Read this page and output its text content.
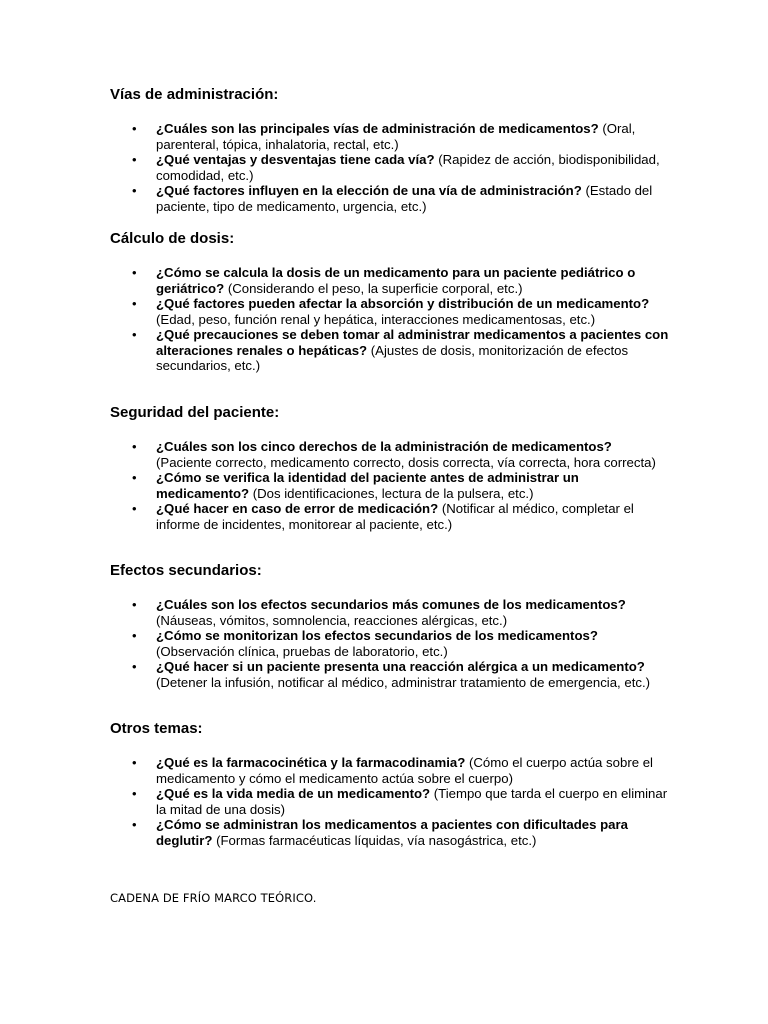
Vías de administración:
• ¿Cuáles son las principales vías de administración de medicamentos? (Oral, parenteral, tópica, inhalatoria, rectal, etc.)
• ¿Qué ventajas y desventajas tiene cada vía? (Rapidez de acción, biodisponibilidad, comodidad, etc.)
• ¿Qué factores influyen en la elección de una vía de administración? (Estado del paciente, tipo de medicamento, urgencia, etc.)
Cálculo de dosis:
• ¿Cómo se calcula la dosis de un medicamento para un paciente pediátrico o geriátrico? (Considerando el peso, la superficie corporal, etc.)
• ¿Qué factores pueden afectar la absorción y distribución de un medicamento? (Edad, peso, función renal y hepática, interacciones medicamentosas, etc.)
• ¿Qué precauciones se deben tomar al administrar medicamentos a pacientes con alteraciones renales o hepáticas? (Ajustes de dosis, monitorización de efectos secundarios, etc.)
Seguridad del paciente:
• ¿Cuáles son los cinco derechos de la administración de medicamentos? (Paciente correcto, medicamento correcto, dosis correcta, vía correcta, hora correcta)
• ¿Cómo se verifica la identidad del paciente antes de administrar un medicamento? (Dos identificaciones, lectura de la pulsera, etc.)
• ¿Qué hacer en caso de error de medicación? (Notificar al médico, completar el informe de incidentes, monitorear al paciente, etc.)
Efectos secundarios:
• ¿Cuáles son los efectos secundarios más comunes de los medicamentos? (Náuseas, vómitos, somnolencia, reacciones alérgicas, etc.)
• ¿Cómo se monitorizan los efectos secundarios de los medicamentos? (Observación clínica, pruebas de laboratorio, etc.)
• ¿Qué hacer si un paciente presenta una reacción alérgica a un medicamento? (Detener la infusión, notificar al médico, administrar tratamiento de emergencia, etc.)
Otros temas:
• ¿Qué es la farmacocinética y la farmacodinamia? (Cómo el cuerpo actúa sobre el medicamento y cómo el medicamento actúa sobre el cuerpo)
• ¿Qué es la vida media de un medicamento? (Tiempo que tarda el cuerpo en eliminar la mitad de una dosis)
• ¿Cómo se administran los medicamentos a pacientes con dificultades para deglutir? (Formas farmacéuticas líquidas, vía nasogástrica, etc.)
CADENA DE FRÍO MARCO TEÓRICO.
